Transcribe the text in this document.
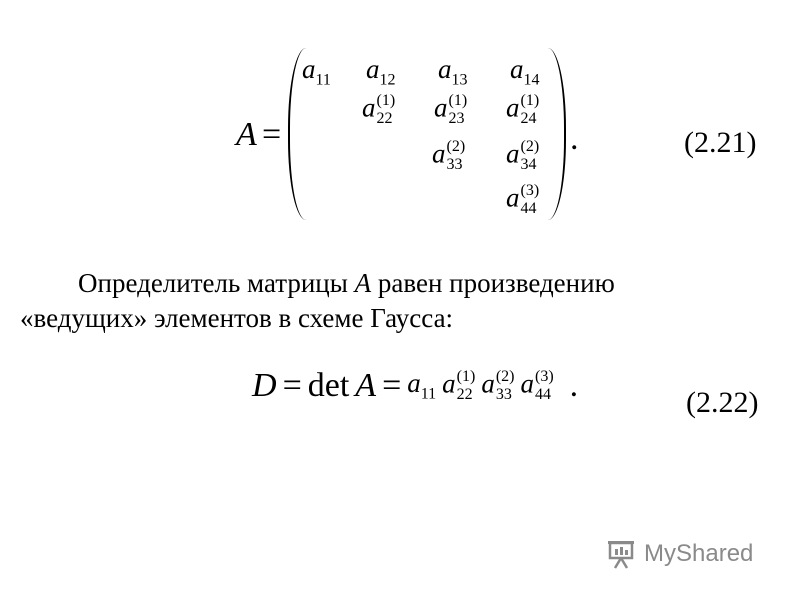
A =
$a_{11}$ $a_{12}$ $a_{13}$ $a_{14}$
a (1)
22 a (1)
23 a (1)
24
a (2)
33 a (2)
34
a (3)
44
.	(2.21)
Определитель матрицы A равен произведению
«ведущих» элементов в схеме Гаусса:
$D = \det A = a_{11}$ a (1)
22 a (2)
33 a (3)
44 .	(2.22)
MyShared
